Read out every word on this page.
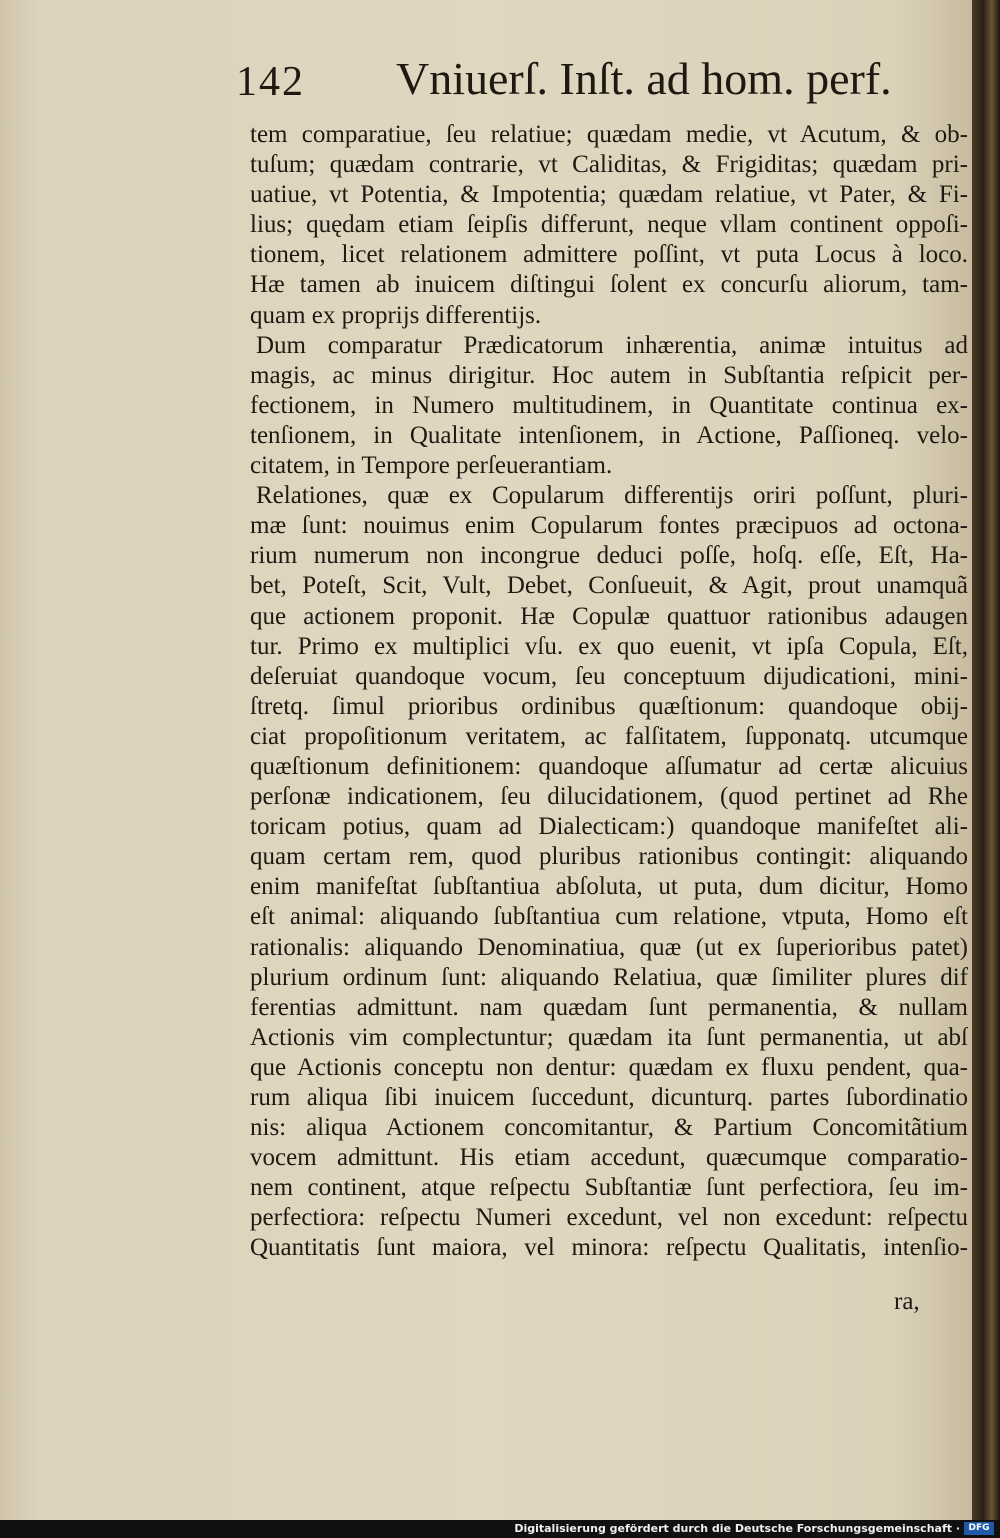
142 Vniuerſ. Inſt. ad hom. perf.
tem comparatiue, ſeu relatiue; quædam medie, vt Acutum, & ob-
tuſum; quædam contrarie, vt Caliditas, & Frigiditas; quædam pri-
uatiue, vt Potentia, & Impotentia; quædam relatiue, vt Pater, & Fi-
lius; quędam etiam ſeipſis differunt, neque vllam continent oppoſi-
tionem, licet relationem admittere poſſint, vt puta Locus à loco.
Hæ tamen ab inuicem diſtingui ſolent ex concurſu aliorum, tam-
quam ex proprijs differentijs.
Dum comparatur Prædicatorum inhærentia, animæ intuitus ad
magis, ac minus dirigitur. Hoc autem in Subſtantia reſpicit per-
fectionem, in Numero multitudinem, in Quantitate continua ex-
tenſionem, in Qualitate intenſionem, in Actione, Paſſioneq. velo-
citatem, in Tempore perſeuerantiam.
Relationes, quæ ex Copularum differentijs oriri poſſunt, pluri-
mæ ſunt: nouimus enim Copularum fontes præcipuos ad octona-
rium numerum non incongrue deduci poſſe, hoſq. eſſe, Eſt, Ha-
bet, Poteſt, Scit, Vult, Debet, Conſueuit, & Agit, prout unamquã
que actionem proponit. Hæ Copulæ quattuor rationibus adaugen
tur. Primo ex multiplici vſu. ex quo euenit, vt ipſa Copula, Eſt,
deſeruiat quandoque vocum, ſeu conceptuum dijudicationi, mini-
ſtretq. ſimul prioribus ordinibus quæſtionum: quandoque obij-
ciat propoſitionum veritatem, ac falſitatem, ſupponatq. utcumque
quæſtionum definitionem: quandoque aſſumatur ad certæ alicuius
perſonæ indicationem, ſeu dilucidationem, (quod pertinet ad Rhe
toricam potius, quam ad Dialecticam:) quandoque manifeſtet ali-
quam certam rem, quod pluribus rationibus contingit: aliquando
enim manifeſtat ſubſtantiua abſoluta, ut puta, dum dicitur, Homo
eſt animal: aliquando ſubſtantiua cum relatione, vtputa, Homo eſt
rationalis: aliquando Denominatiua, quæ (ut ex ſuperioribus patet)
plurium ordinum ſunt: aliquando Relatiua, quæ ſimiliter plures dif
ferentias admittunt. nam quædam ſunt permanentia, & nullam
Actionis vim complectuntur; quædam ita ſunt permanentia, ut abſ
que Actionis conceptu non dentur: quædam ex fluxu pendent, qua-
rum aliqua ſibi inuicem ſuccedunt, dicunturq. partes ſubordinatio
nis: aliqua Actionem concomitantur, & Partium Concomitãtium
vocem admittunt. His etiam accedunt, quæcumque comparatio-
nem continent, atque reſpectu Subſtantiæ ſunt perfectiora, ſeu im-
perfectiora: reſpectu Numeri excedunt, vel non excedunt: reſpectu
Quantitatis ſunt maiora, vel minora: reſpectu Qualitatis, intenſio-
ra,
Digitalisierung gefördert durch die Deutsche Forschungsgemeinschaft · DFG
